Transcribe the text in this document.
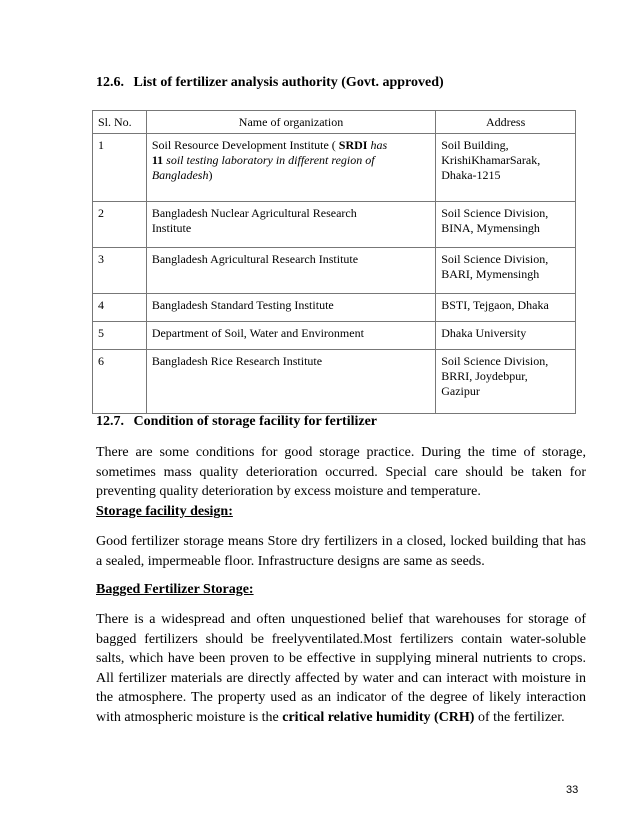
12.6. List of fertilizer analysis authority (Govt. approved)
Sl. No.	Name of organization	Address
1	Soil Resource Development Institute ( SRDI has
11 soil testing laboratory in different region of
Bangladesh)	Soil Building,
KrishiKhamarSarak,
Dhaka-1215

2	Bangladesh Nuclear Agricultural Research
Institute	Soil Science Division,
BINA, Mymensingh

3	Bangladesh Agricultural Research Institute	Soil Science Division,
BARI, Mymensingh

4	Bangladesh Standard Testing Institute	BSTI, Tejgaon, Dhaka

5	Department of Soil, Water and Environment	Dhaka University

6	Bangladesh Rice Research Institute	Soil Science Division,
BRRI, Joydebpur,
Gazipur
12.7. Condition of storage facility for fertilizer
There are some conditions for good storage practice. During the time of storage, sometimes mass quality deterioration occurred. Special care should be taken for preventing quality deterioration by excess moisture and temperature.
Storage facility design:
Good fertilizer storage means Store dry fertilizers in a closed, locked building that has a sealed, impermeable floor. Infrastructure designs are same as seeds.
Bagged Fertilizer Storage:
There is a widespread and often unquestioned belief that warehouses for storage of bagged fertilizers should be freelyventilated.Most fertilizers contain water-soluble salts, which have been proven to be effective in supplying mineral nutrients to crops. All fertilizer materials are directly affected by water and can interact with moisture in the atmosphere. The property used as an indicator of the degree of likely interaction with atmospheric moisture is the critical relative humidity (CRH) of the fertilizer.
33
